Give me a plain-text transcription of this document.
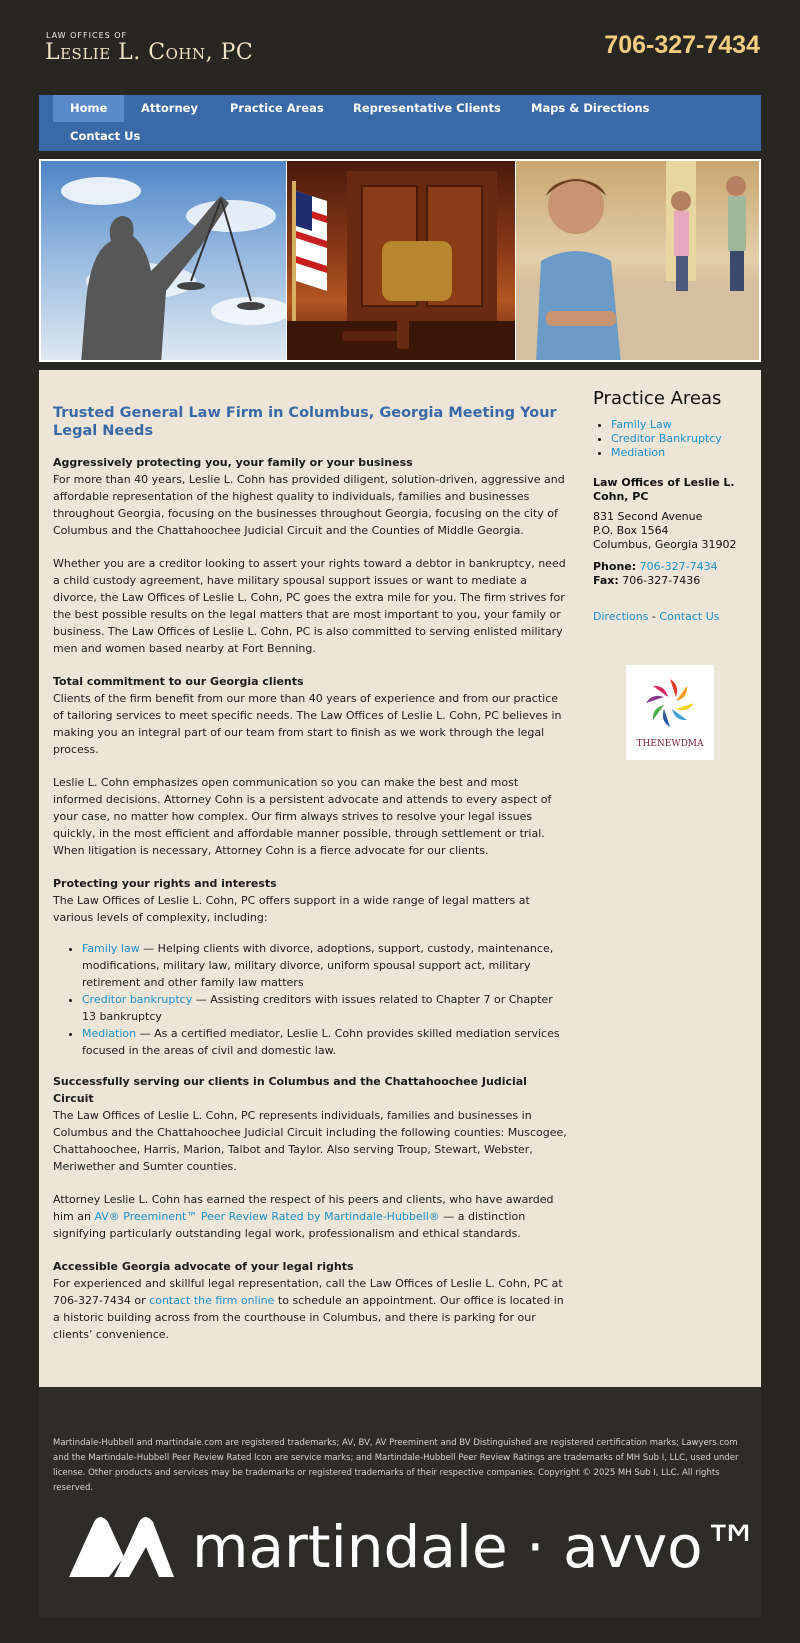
LAW OFFICES OF
Leslie L. Cohn, PC	706-327-7434
Home	Attorney	Practice Areas	Representative Clients	Maps & Directions
Contact Us
Trusted General Law Firm in Columbus, Georgia Meeting Your Legal Needs
Aggressively protecting you, your family or your business

For more than 40 years, Leslie L. Cohn has provided diligent, solution-driven, aggressive and affordable representation of the highest quality to individuals, families and businesses throughout Georgia, focusing on the businesses throughout Georgia, focusing on the city of Columbus and the Chattahoochee Judicial Circuit and the Counties of Middle Georgia.

Whether you are a creditor looking to assert your rights toward a debtor in bankruptcy, need a child custody agreement, have military spousal support issues or want to mediate a divorce, the Law Offices of Leslie L. Cohn, PC goes the extra mile for you. The firm strives for the best possible results on the legal matters that are most important to you, your family or business. The Law Offices of Leslie L. Cohn, PC is also committed to serving enlisted military men and women based nearby at Fort Benning.

Total commitment to our Georgia clients

Clients of the firm benefit from our more than 40 years of experience and from our practice of tailoring services to meet specific needs. The Law Offices of Leslie L. Cohn, PC believes in making you an integral part of our team from start to finish as we work through the legal process.

Leslie L. Cohn emphasizes open communication so you can make the best and most informed decisions. Attorney Cohn is a persistent advocate and attends to every aspect of your case, no matter how complex. Our firm always strives to resolve your legal issues quickly, in the most efficient and affordable manner possible, through settlement or trial. When litigation is necessary, Attorney Cohn is a fierce advocate for our clients.

Protecting your rights and interests

The Law Offices of Leslie L. Cohn, PC offers support in a wide range of legal matters at various levels of complexity, including:

• Family law — Helping clients with divorce, adoptions, support, custody, maintenance, modifications, military law, military divorce, uniform spousal support act, military retirement and other family law matters
• Creditor bankruptcy — Assisting creditors with issues related to Chapter 7 or Chapter 13 bankruptcy
• Mediation — As a certified mediator, Leslie L. Cohn provides skilled mediation services focused in the areas of civil and domestic law.
Successfully serving our clients in Columbus and the Chattahoochee Judicial Circuit

The Law Offices of Leslie L. Cohn, PC represents individuals, families and businesses in Columbus and the Chattahoochee Judicial Circuit including the following counties: Muscogee, Chattahoochee, Harris, Marion, Talbot and Taylor. Also serving Troup, Stewart, Webster, Meriwether and Sumter counties.

Attorney Leslie L. Cohn has earned the respect of his peers and clients, who have awarded him an AV® Preeminent™ Peer Review Rated by Martindale-Hubbell® — a distinction signifying particularly outstanding legal work, professionalism and ethical standards.

Accessible Georgia advocate of your legal rights

For experienced and skillful legal representation, call the Law Offices of Leslie L. Cohn, PC at 706-327-7434 or contact the firm online to schedule an appointment. Our office is located in a historic building across from the courthouse in Columbus, and there is parking for our clients’ convenience.

Practice Areas
• Family Law
• Creditor Bankruptcy
• Mediation
Law Offices of Leslie L. Cohn, PC
831 Second Avenue
P.O. Box 1564
Columbus, Georgia 31902
Phone: 706-327-7434
Fax: 706-327-7436
Directions - Contact Us
THENEWDMA
Martindale-Hubbell and martindale.com are registered trademarks; AV, BV, AV Preeminent and BV Distinguished are registered certification marks; Lawyers.com and the Martindale-Hubbell Peer Review Rated Icon are service marks; and Martindale-Hubbell Peer Review Ratings are trademarks of MH Sub I, LLC, used under license. Other products and services may be trademarks or registered trademarks of their respective companies. Copyright © 2025 MH Sub I, LLC. All rights reserved.
martindale · avvo™
